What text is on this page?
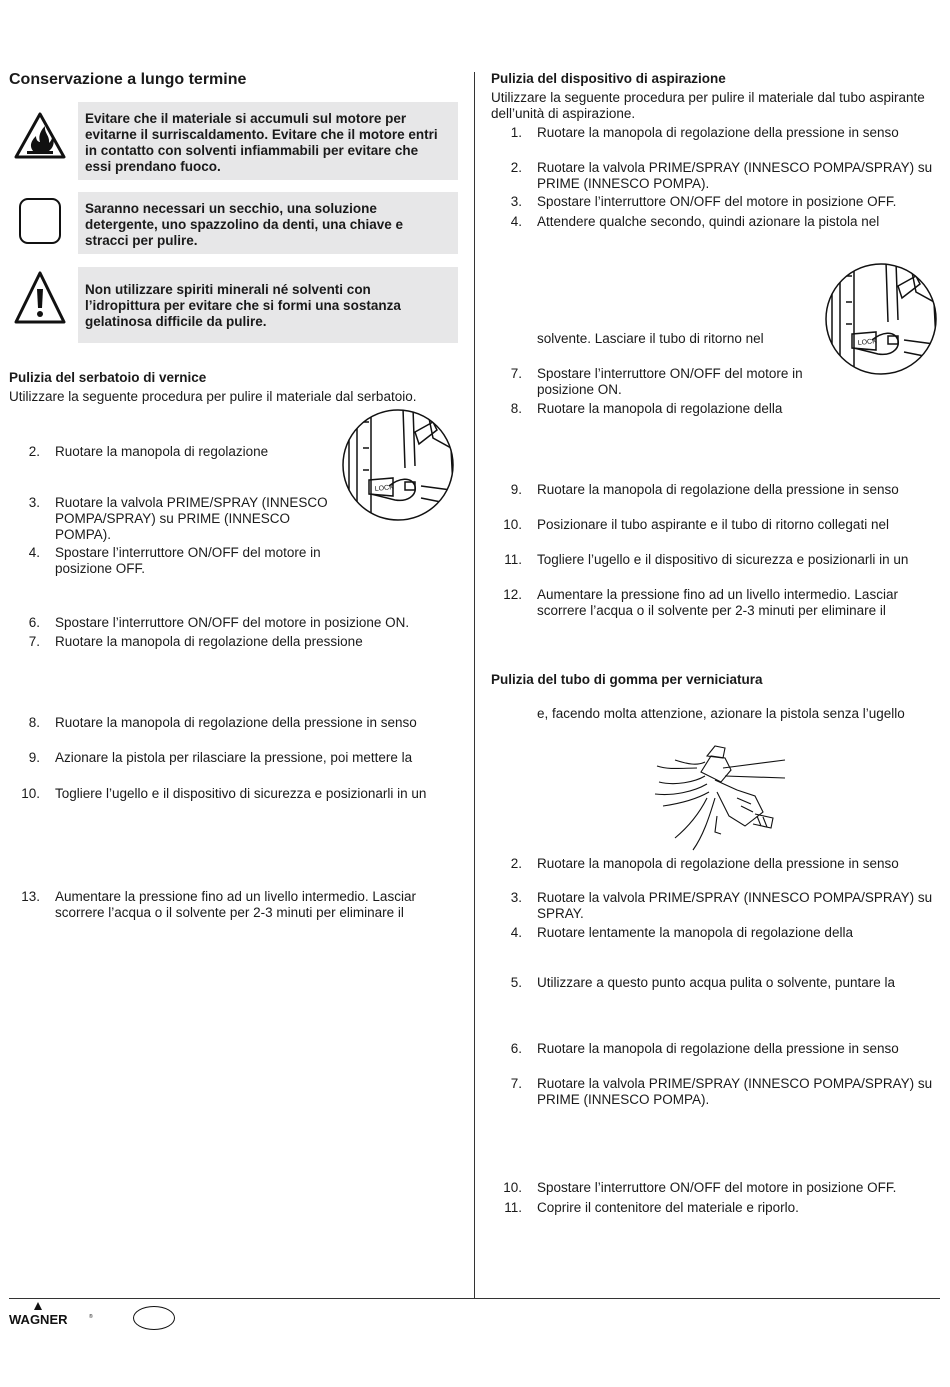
Conservazione a lungo termine
Evitare che il materiale si accumuli sul motore per evitarne il surriscaldamento. Evitare che il motore entri in contatto con solventi infiammabili per evitare che essi prendano fuoco.
Saranno necessari un secchio, una soluzione detergente, uno spazzolino da denti, una chiave e stracci per pulire.
Non utilizzare spiriti minerali né solventi con l’idropittura per evitare che si formi una sostanza gelatinosa difficile da pulire.
Pulizia del serbatoio di vernice
Utilizzare la seguente procedura per pulire il materiale dal serbatoio.
LOCK
2. Ruotare la manopola di regolazione
3. Ruotare la valvola PRIME/SPRAY (INNESCO POMPA/SPRAY) su PRIME (INNESCO POMPA).
4. Spostare l’interruttore ON/OFF del motore in posizione OFF.
6. Spostare l’interruttore ON/OFF del motore in posizione ON.
7. Ruotare la manopola di regolazione della pressione
8. Ruotare la manopola di regolazione della pressione in senso
9. Azionare la pistola per rilasciare la pressione, poi mettere la
10. Togliere l’ugello e il dispositivo di sicurezza e posizionarli in un
13. Aumentare la pressione fino ad un livello intermedio. Lasciar scorrere l’acqua o il solvente per 2-3 minuti per eliminare il
Pulizia del dispositivo di aspirazione
Utilizzare la seguente procedura per pulire il materiale dal tubo aspirante dell’unità di aspirazione.
1. Ruotare la manopola di regolazione della pressione in senso
2. Ruotare la valvola PRIME/SPRAY (INNESCO POMPA/SPRAY) su PRIME (INNESCO POMPA).
3. Spostare l’interruttore ON/OFF del motore in posizione OFF.
4. Attendere qualche secondo, quindi azionare la pistola nel
LOCK
solvente. Lasciare il tubo di ritorno nel
7. Spostare l’interruttore ON/OFF del motore in posizione ON.
8. Ruotare la manopola di regolazione della
9. Ruotare la manopola di regolazione della pressione in senso
10. Posizionare il tubo aspirante e il tubo di ritorno collegati nel
11. Togliere l’ugello e il dispositivo di sicurezza e posizionarli in un
12. Aumentare la pressione fino ad un livello intermedio. Lasciar scorrere l’acqua o il solvente per 2-3 minuti per eliminare il
Pulizia del tubo di gomma per verniciatura
e, facendo molta attenzione, azionare la pistola senza l’ugello
2. Ruotare la manopola di regolazione della pressione in senso
3. Ruotare la valvola PRIME/SPRAY (INNESCO POMPA/SPRAY) su SPRAY.
4. Ruotare lentamente la manopola di regolazione della
5. Utilizzare a questo punto acqua pulita o solvente, puntare la
6. Ruotare la manopola di regolazione della pressione in senso
7. Ruotare la valvola PRIME/SPRAY (INNESCO POMPA/SPRAY) su PRIME (INNESCO POMPA).
10. Spostare l’interruttore ON/OFF del motore in posizione OFF.
11. Coprire il contenitore del materiale e riporlo.
WAGNER	®
